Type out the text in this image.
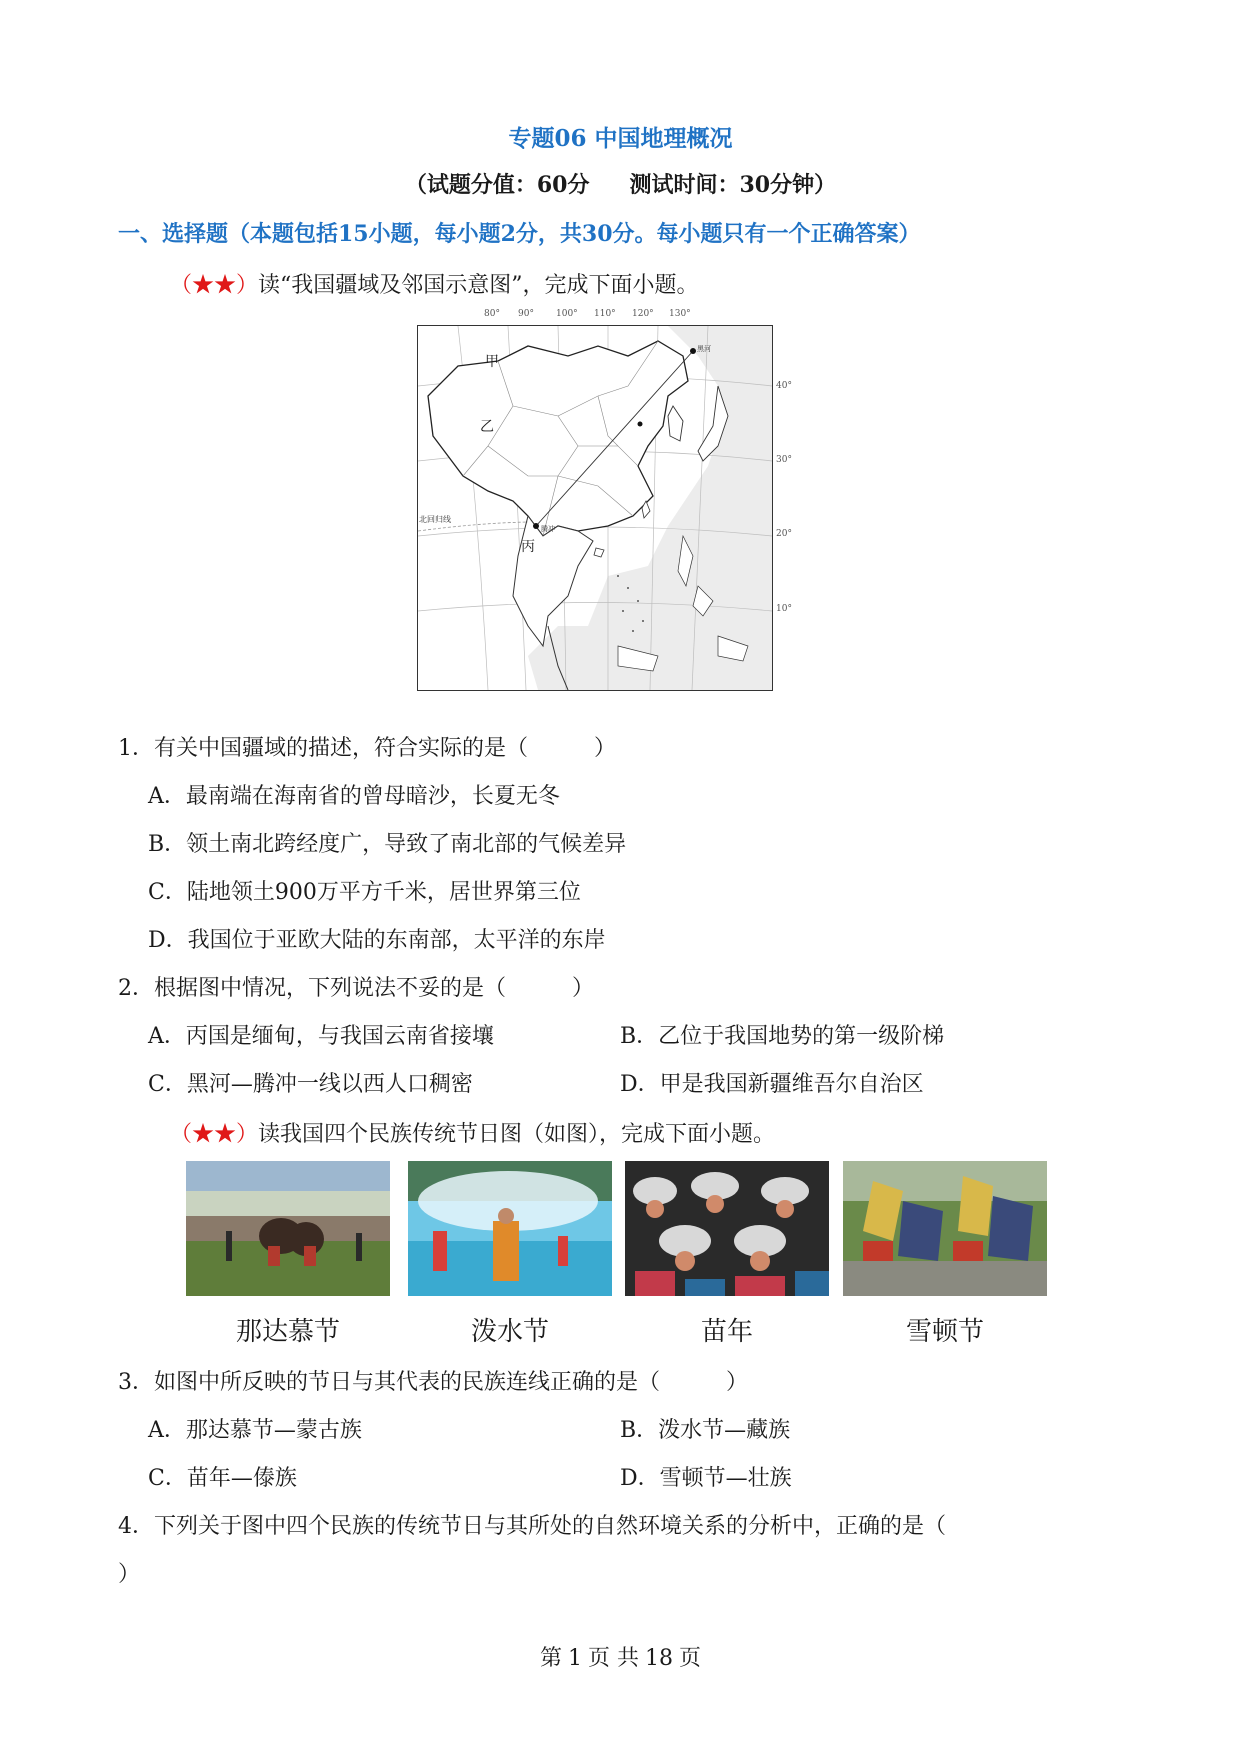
专题06 中国地理概况
（试题分值：60分 测试时间：30分钟）
一、选择题（本题包括15小题，每小题2分，共30分。每小题只有一个正确答案）
（★★）读“我国疆域及邻国示意图”，完成下面小题。
80° 90° 100° 110° 120° 130°
40°
30°
20°
10°
甲
乙
丙
北回归线
黑河
腾冲
1．有关中国疆域的描述，符合实际的是（　　　）
A．最南端在海南省的曾母暗沙，长夏无冬
B．领土南北跨经度广，导致了南北部的气候差异
C．陆地领土900万平方千米，居世界第三位
D．我国位于亚欧大陆的东南部，太平洋的东岸
2．根据图中情况，下列说法不妥的是（　　　）
A．丙国是缅甸，与我国云南省接壤	B．乙位于我国地势的第一级阶梯
C．黑河—腾冲一线以西人口稠密	D．甲是我国新疆维吾尔自治区
（★★）读我国四个民族传统节日图（如图），完成下面小题。
那达慕节	泼水节	苗年	雪顿节
3．如图中所反映的节日与其代表的民族连线正确的是（　　　）
A．那达慕节—蒙古族	B．泼水节—藏族
C．苗年—傣族	D．雪顿节—壮族
4．下列关于图中四个民族的传统节日与其所处的自然环境关系的分析中，正确的是（
）
第 1 页 共 18 页
